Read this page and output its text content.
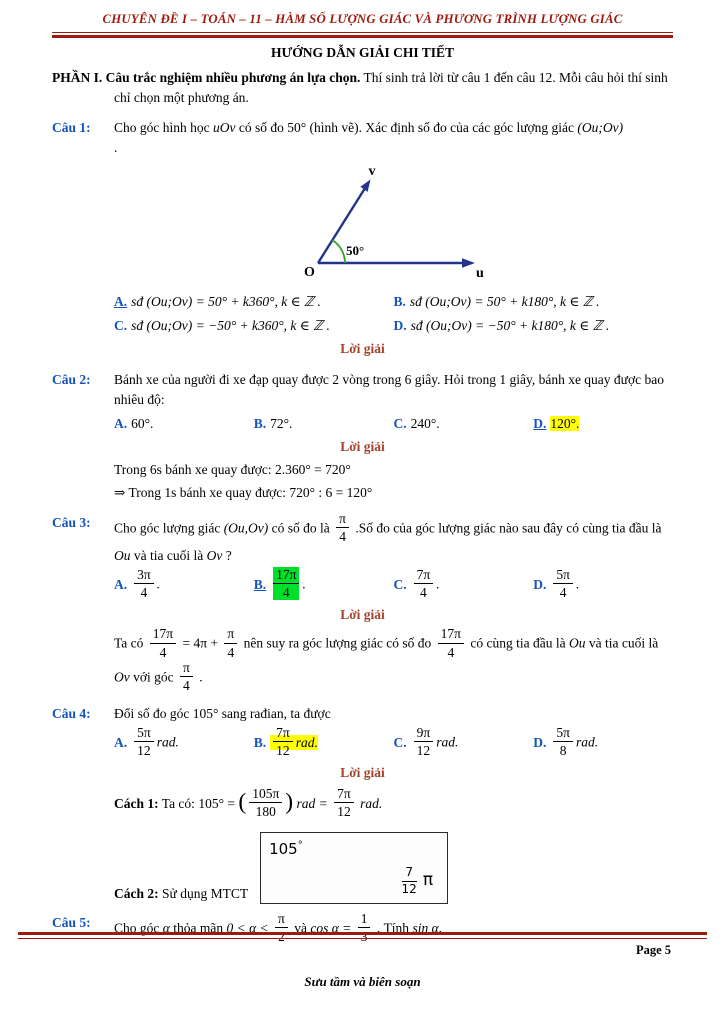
CHUYÊN ĐỀ I – TOÁN – 11 – HÀM SỐ LƯỢNG GIÁC VÀ PHƯƠNG TRÌNH LƯỢNG GIÁC
HƯỚNG DẪN GIẢI CHI TIẾT
PHẦN I. Câu trắc nghiệm nhiều phương án lựa chọn. Thí sinh trả lời từ câu 1 đến câu 12. Mỗi câu hỏi thí sinh chỉ chọn một phương án.
Câu 1:	Cho góc hình học uOv có số đo 50° (hình vẽ). Xác định số đo của các góc lượng giác (Ou;Ov)
.
O	u
v
50°
A. sđ (Ou;Ov) = 50° + k360°, k ∈ ℤ .	B. sđ (Ou;Ov) = 50° + k180°, k ∈ ℤ .
C. sđ (Ou;Ov) = −50° + k360°, k ∈ ℤ .	D. sđ (Ou;Ov) = −50° + k180°, k ∈ ℤ .
Lời giải
Câu 2:	Bánh xe của người đi xe đạp quay được 2 vòng trong 6 giây. Hỏi trong 1 giây, bánh xe quay được bao nhiêu độ:
A. 60°.	B. 72°.	C. 240°.	D. 120°.
Lời giải
Trong 6s bánh xe quay được: 2.360° = 720°
⇒ Trong 1s bánh xe quay được: 720° : 6 = 120°
Câu 3:	Cho góc lượng giác (Ou,Ov) có số đo là $\frac{\pi}{4}$ .Số đo của góc lượng giác nào sau đây có cùng tia đầu là Ou và tia cuối là Ov ?
A. $\frac{3\pi}{4}$ .	B. $\frac{17\pi}{4}$ .	C. $\frac{7\pi}{4}$ .	D. $\frac{5\pi}{4}$ .
Lời giải
Ta có $\frac{17\pi}{4} = 4\pi + \frac{\pi}{4}$ nên suy ra góc lượng giác có số đo $\frac{17\pi}{4}$ có cùng tia đầu là Ou và tia cuối là Ov với góc $\frac{\pi}{4}$ .
Câu 4:	Đổi số đo góc 105° sang rađian, ta được
A. $\frac{5\pi}{12}$ rad.	B. $\frac{7\pi}{12}$ rad.	C. $\frac{9\pi}{12}$ rad.	D. $\frac{5\pi}{8}$ rad.
Lời giải
Cách 1: Ta có: 105° = ( $\frac{105\pi}{180}$ ) rad = $\frac{7\pi}{12}$ rad.
Cách 2: Sử dụng MTCT
105°
$\frac{7}{12}$ π
Câu 5:	Cho góc α thỏa mãn $0 < \alpha < \frac{\pi}{2}$ và $\cos \alpha = \frac{1}{3}$ . Tính sin α.
Page 5
Sưu tầm và biên soạn
